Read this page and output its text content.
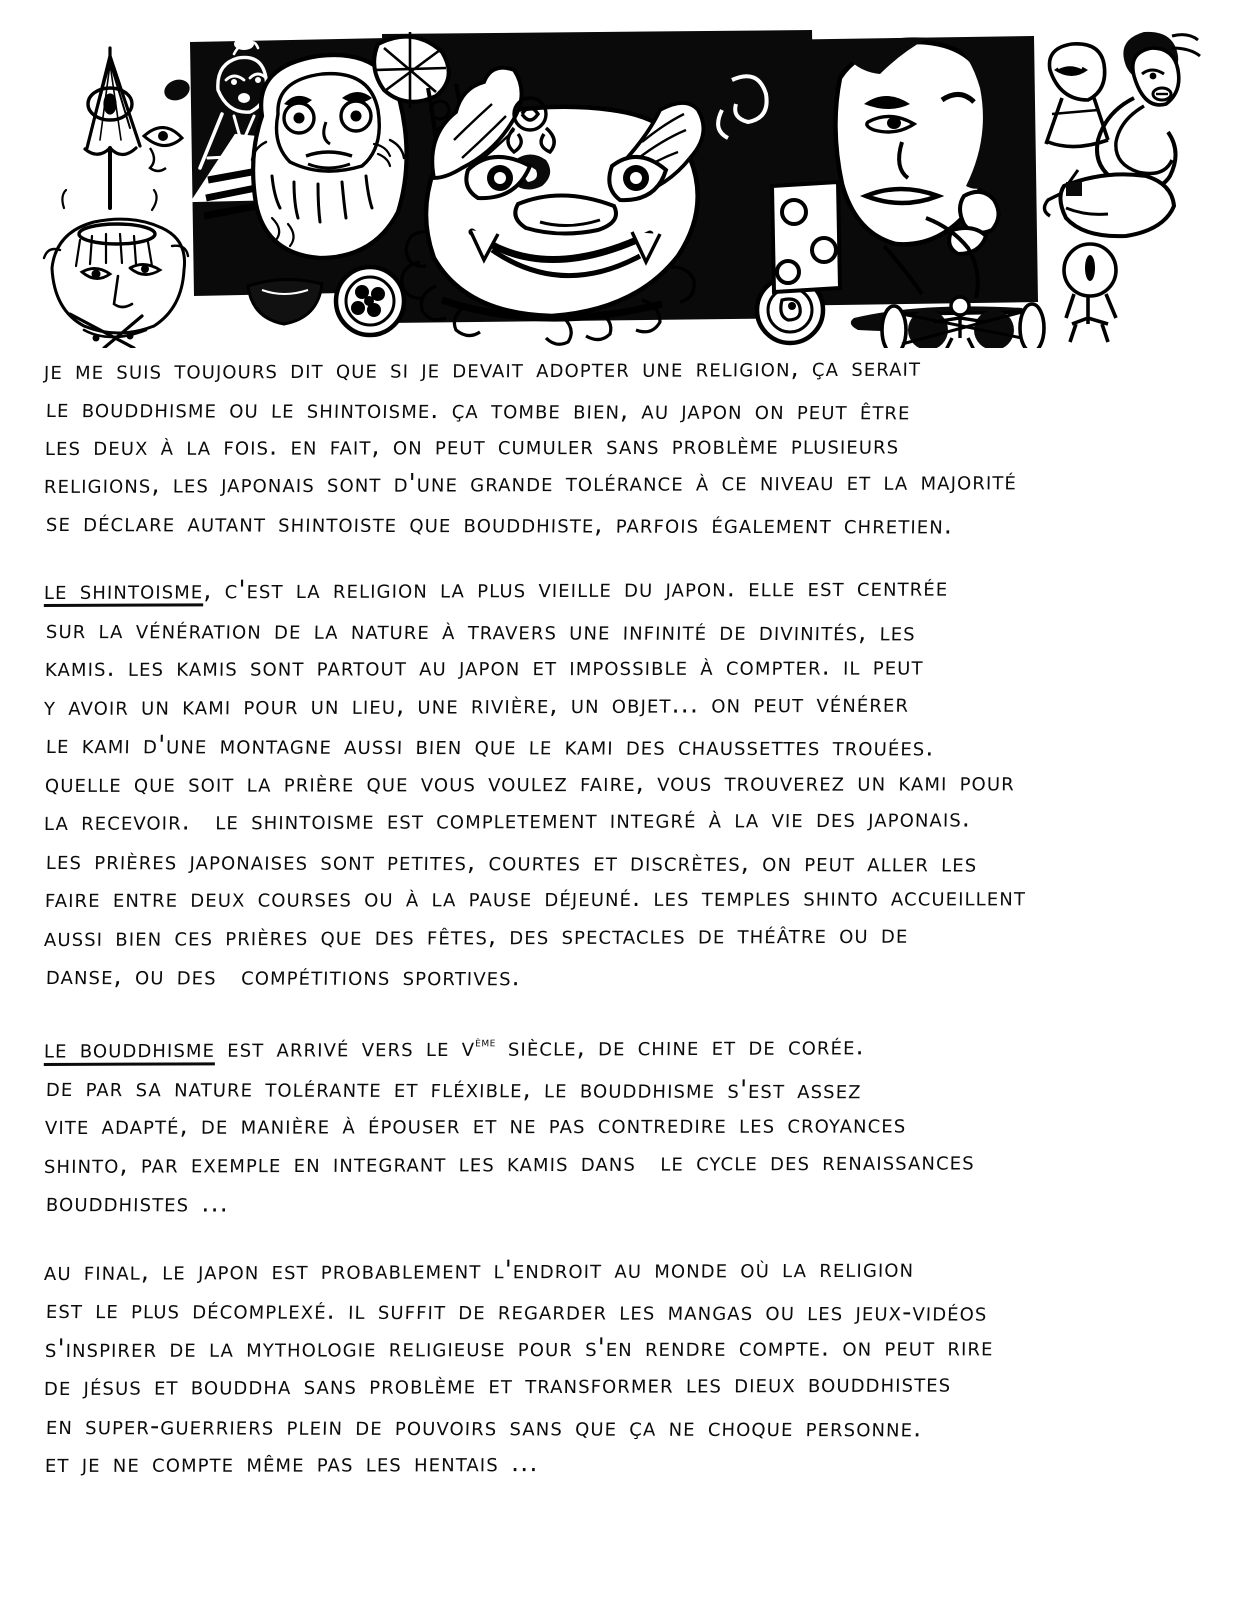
je me suis toujours dit que si je devait adopter une religion, ça serait
le bouddhisme ou le shintoisme. ça tombe bien, au japon on peut être
les deux à la fois. en fait, on peut cumuler sans problème plusieurs
religions, les japonais sont d'une grande tolérance à ce niveau et la majorité
se déclare autant shintoiste que bouddhiste, parfois également chretien.

le shintoisme, c'est la religion la plus vieille du japon. elle est centrée
sur la vénération de la nature à travers une infinité de divinités, les
kamis. les kamis sont partout au japon et impossible à compter. il peut
y avoir un kami pour un lieu, une rivière, un objet... on peut vénérer
le kami d'une montagne aussi bien que le kami des chaussettes trouées.
quelle que soit la prière que vous voulez faire, vous trouverez un kami pour
la recevoir.  le shintoisme est completement integré à la vie des japonais.
les prières japonaises sont petites, courtes et discrètes, on peut aller les
faire entre deux courses ou à la pause déjeuné. les temples shinto accueillent
aussi bien ces prières que des fêtes, des spectacles de théâtre ou de
danse, ou des  compétitions sportives.

le bouddhisme est arrivé vers le $v^{ème}$ siècle, de chine et de corée.
de par sa nature tolérante et fléxible, le bouddhisme s'est assez
vite adapté, de manière à épouser et ne pas contredire les croyances
shinto, par exemple en integrant les kamis dans  le cycle des renaissances
bouddhistes ...

au final, le japon est probablement l'endroit au monde où la religion
est le plus décomplexé. il suffit de regarder les mangas ou les jeux-vidéos
s'inspirer de la mythologie religieuse pour s'en rendre compte. on peut rire
de jésus et bouddha sans problème et transformer les dieux bouddhistes
en super-guerriers plein de pouvoirs sans que ça ne choque personne.
et je ne compte même pas les hentais ...
